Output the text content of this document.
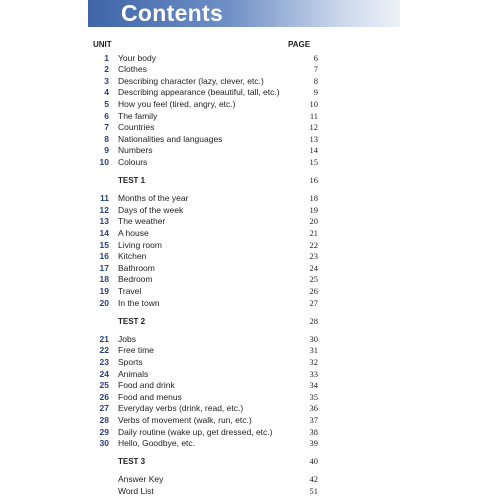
Contents
UNIT	PAGE
1 Your body	6
2 Clothes	7
3 Describing character (lazy, clever, etc.)	8
4 Describing appearance (beautiful, tall, etc.)	9
5 How you feel (tired, angry, etc.)	10
6 The family	11
7 Countries	12
8 Nationalities and languages	13
9 Numbers	14
10 Colours	15
TEST 1	16
11 Months of the year	18
12 Days of the week	19
13 The weather	20
14 A house	21
15 Living room	22
16 Kitchen	23
17 Bathroom	24
18 Bedroom	25
19 Travel	26
20 In the town	27
TEST 2	28
21 Jobs	30
22 Free time	31
23 Sports	32
24 Animals	33
25 Food and drink	34
26 Food and menus	35
27 Everyday verbs (drink, read, etc.)	36
28 Verbs of movement (walk, run, etc.)	37
29 Daily routine (wake up, get dressed, etc.)	38
30 Hello, Goodbye, etc.	39
TEST 3	40
Answer Key	42
Word List	51
